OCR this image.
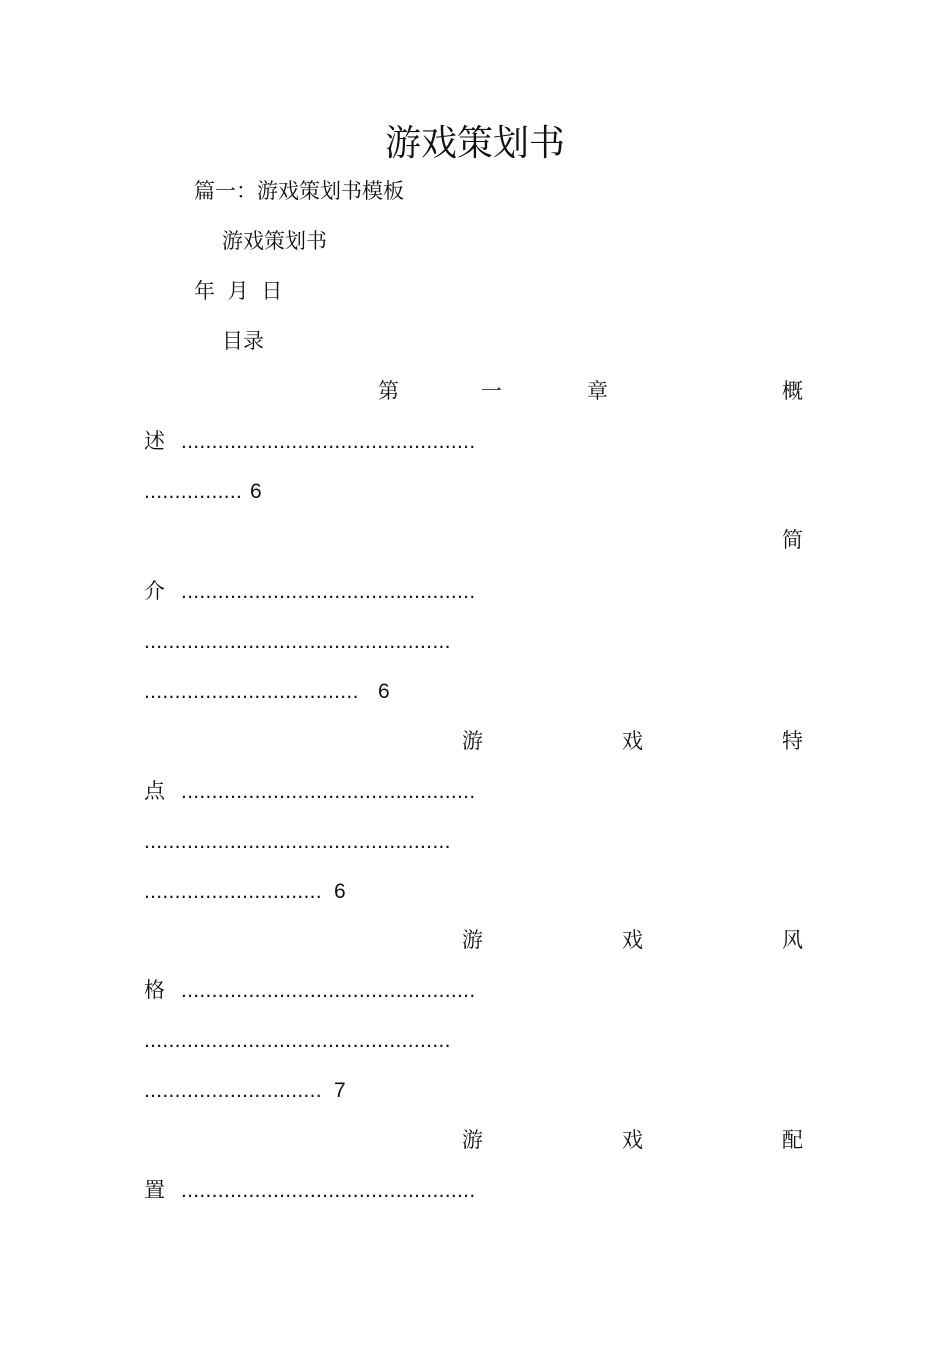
游戏策划书
篇一：游戏策划书模板
游戏策划书
年 月 日
目录
第	一	章	概
述 ................................................
................ 6
简
介 ................................................
..................................................
................................... 6
游	戏	特
点 ................................................
..................................................
............................. 6
游	戏	风
格 ................................................
..................................................
............................. 7
游	戏	配
置 ................................................
